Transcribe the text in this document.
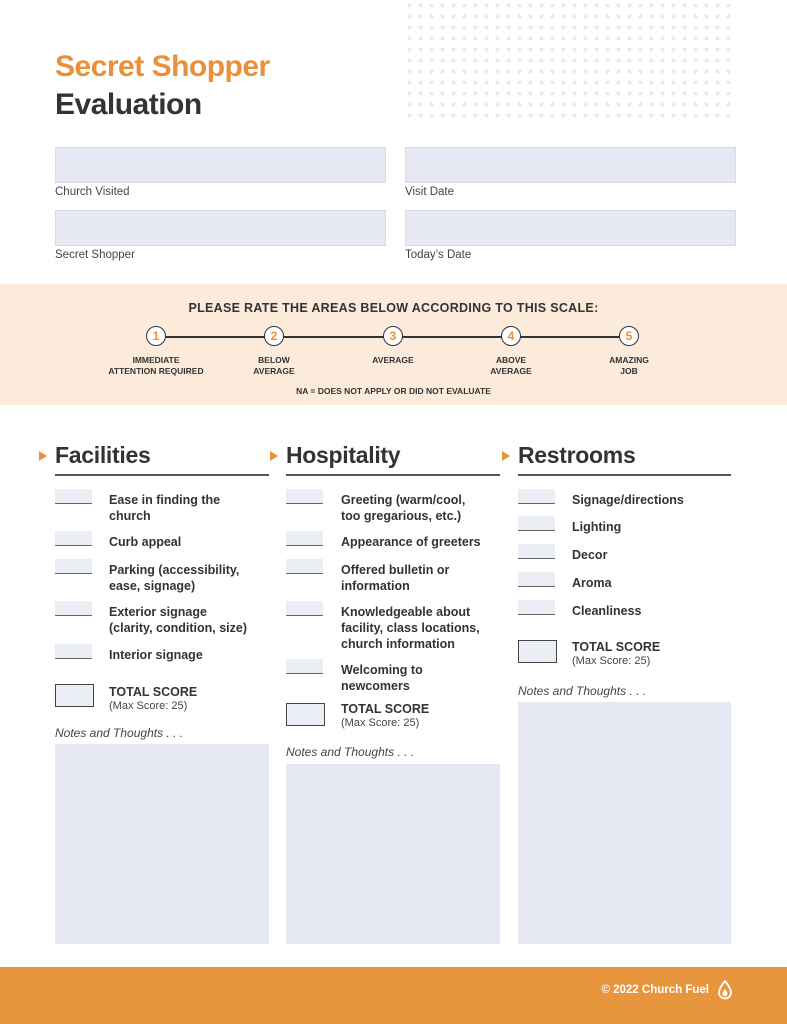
Secret Shopper
Evaluation
Church Visited	Visit Date
Secret Shopper	Today’s Date
PLEASE RATE THE AREAS BELOW ACCORDING TO THIS SCALE:
1	2	3	4	5
IMMEDIATE
ATTENTION REQUIRED
BELOW
AVERAGE
AVERAGE	ABOVE
AVERAGE
AMAZING
JOB
NA = DOES NOT APPLY OR DID NOT EVALUATE
Facilities
Ease in finding the
church
Curb appeal
Parking (accessibility,
ease, signage)
Exterior signage
(clarity, condition, size)
Interior signage
TOTAL SCORE
(Max Score: 25)
Notes and Thoughts . . .
Hospitality
Greeting (warm/cool,
too gregarious, etc.)
Appearance of greeters
Offered bulletin or
information
Knowledgeable about
facility, class locations,
church information
Welcoming to
newcomers
TOTAL SCORE
(Max Score: 25)
Notes and Thoughts . . .
Restrooms
Signage/directions
Lighting
Decor
Aroma
Cleanliness
TOTAL SCORE
(Max Score: 25)
Notes and Thoughts . . .
© 2022 Church Fuel
